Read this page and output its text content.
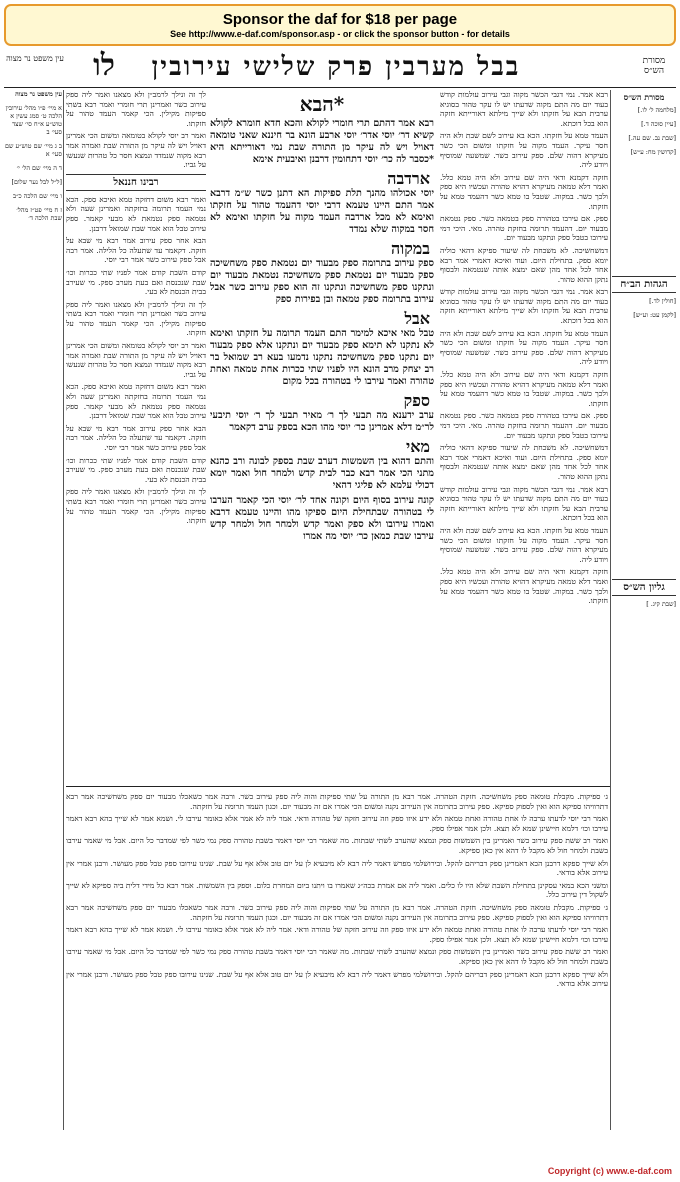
Sponsor the daf for $18 per page
See http://www.e-daf.com/sponsor.asp - or click the sponsor button - for details
מסורת הש״ס
בבל מערבין פרק שלישי עירובין
לו
עין משפט נר מצוה
מסורת הש״ס
[מלחמה ל׳ לו.]
[עיין סוכה ד.]
[שבת נב. שם עה.]
[קדושין מח: ע״ש]
הגהות הב״ח
[חולין לד.]
[לקמן עט: וע״ש]
גליון הש״ס
[שבת קיג. ]

רבא אמר. נמי דגבי הכשר מקוה וגבי עירוב עולמות קודש בעוד יום מה התם מקוה שדעתו יש לו עקר טהור בסוגיא ערבית הבא על חזקתו ולא שייך מילתא דאורייתא חזקה הוא בכל דוכתא.

העמד טמא על חזקתו. הכא בא עירוב לשם שבת ולא היה חסר עיקר. העמד מקוה על חזקתו ומשום הכי כשר מעיקרא דהוה שלם. ספק עירוב כשר. שמשעה שמוסיף ויודע ליה.

חזקה דקמנא ודאי היה שם עירוב ולא היה טמא כלל. ואמר דלא טמאה מעיקרא דהויא טהורה ועכשיו היא ספק ולכך כשר. במקוה. שטבל בו טמא כשר דהעמד טמא על חזקתו.

ספק. אם עירבו בטהורה ספק בטמאה כשר. ספק נטמאת מבעוד יום. דהעמד תרומה בחזקת טהרה. מאי. היכי דמי עירובו בטבל ספק ונתקנו מבעוד יום.

דמשחשיכה. לא משכחת לה שיעור ספיקא דהאי כוליה יומא ספק. בתחילת היום. ועוד ואיכא דאמרי אמר רבא אחד לכל אחד מהן שאם ימצא אותה שנטמאה ולבסוף נתקן ההוא טהור.

רבא אמר. נמי דגבי הכשר מקוה וגבי עירוב עולמות קודש בעוד יום מה התם מקוה שדעתו יש לו עקר טהור בסוגיא ערבית הבא על חזקתו ולא שייך מילתא דאורייתא חזקה הוא בכל דוכתא.

העמד טמא על חזקתו. הכא בא עירוב לשם שבת ולא היה חסר עיקר. העמד מקוה על חזקתו ומשום הכי כשר מעיקרא דהוה שלם. ספק עירוב כשר. שמשעה שמוסיף ויודע ליה.

חזקה דקמנא ודאי היה שם עירוב ולא היה טמא כלל. ואמר דלא טמאה מעיקרא דהויא טהורה ועכשיו היא ספק ולכך כשר. במקוה. שטבל בו טמא כשר דהעמד טמא על חזקתו.

ספק. אם עירבו בטהורה ספק בטמאה כשר. ספק נטמאת מבעוד יום. דהעמד תרומה בחזקת טהרה. מאי. היכי דמי עירובו בטבל ספק ונתקנו מבעוד יום.

דמשחשיכה. לא משכחת לה שיעור ספיקא דהאי כוליה יומא ספק. בתחילת היום. ועוד ואיכא דאמרי אמר רבא אחד לכל אחד מהן שאם ימצא אותה שנטמאה ולבסוף נתקן ההוא טהור.

רבא אמר. נמי דגבי הכשר מקוה וגבי עירוב עולמות קודש בעוד יום מה התם מקוה שדעתו יש לו עקר טהור בסוגיא ערבית הבא על חזקתו ולא שייך מילתא דאורייתא חזקה הוא בכל דוכתא.

העמד טמא על חזקתו. הכא בא עירוב לשם שבת ולא היה חסר עיקר. העמד מקוה על חזקתו ומשום הכי כשר מעיקרא דהוה שלם. ספק עירוב כשר. שמשעה שמוסיף ויודע ליה.

חזקה דקמנא ודאי היה שם עירוב ולא היה טמא כלל. ואמר דלא טמאה מעיקרא דהויא טהורה ועכשיו היא ספק ולכך כשר. במקוה. שטבל בו טמא כשר דהעמד טמא על חזקתו.

*הבא

רבא אמר דהתם תרי חומרי לקולא והכא חדא חומרא לקולא קשיא דר׳ יוסי אדר׳ יוסי ארבע הונא בר חיננא שאני טומאה דאויל ויש לה עיקר מן התורה שבת נמי דאורייתא היא *כסבר לה כר׳ יוסי דתחומין דרבנן ואיבעית אימא

ארדבה

יוסי אכולהו מהנך תלת ספיקות הא דתנן כשר ש״מ דרבא אמר התם היינו טעמא דרבי יוסי דהעמד טהור על חזקתו ואימא לא מכל ארדבה העמד מקוה על חזקתו ואימא לא חסר במקוה שלא נמדד

במקוה

ספק עירוב בתרומה ספק מבעוד יום נטמאת ספק משחשיכה ספק מבעוד יום נטמאת ספק משחשיכה נטמאת מבעוד יום ונתקנו ספק משחשיכה ונתקנו זה הוא ספק עירוב כשר אבל עירוב בתרומה ספק טמאה ובן בפירות ספק

אבל

טבל מאי איכא למימר התם העמד תרומה על חזקתו ואימא לא נתקנו לא תימא ספק מבעוד יום ונתקנו אלא ספק מבעוד יום נתקנו ספק משחשיכה נתקנו נדמעו בעא רב שמואל בר רב יצחק מרב הונא היו לפניו שתי ככרות אחת טמאה ואחת טהורה ואמר עירבו לי בטהורה בכל מקום

ספק

ערב ידענא מה תבעי לך ר׳ מאיר תבעי לך ר׳ יוסי תיבעי לר״מ דלא אמרינן כר׳ יוסי מהו הכא בספק ערב דקאמר

מאי

והתם דהוא בין השמשות דערב שבת בספק לבונה ורב כהנא מתני הכי אמר רבא כבר לבית קדש ולמחר חול ואמר יומא דכולי עלמא לא פליגי דהאי

קונה עירוב בסוף היום וקונה אחד לר׳ יוסי הכי קאמר הערבו לי בטהורה שבתחילת היום ספיקו מהו והיינו טעמא דרבא ואמרו עירובו ולא ספק ואמר קדש ולמחר חול ולמחר קדש עירבו שבת כמאן כר׳ יוסי מה אמרו

לך זה ונילך לרמב״ן ולא מצאנו ואמר ליה ספק עירוב כשר ואמרינן תרי חומרי ואמר רבא בשתי ספיקות מקילין. הכי קאמר העמד טהור על חזקתו.

ואמר רב יוסי לקולא בטומאה ומשום הכי אמרינן דאויל ויש לה עיקר מן התורה שבת ואמרה אמר רבא מקוה שנמדד ונמצא חסר כל טהרות שנעשו על גביו.

רבינו חננאל

ואמר רבא משום דחזקה טמא ואיכא ספק. הכא נמי העמד תרומה בחזקתה ואמרינן שעה ולא נטמאה ספק נטמאת לא מבעי קאמר. ספק עירוב טבל הוא אמר שבת שמואל דרבנן.

הבא אחר ספק עירוב אמר רבא מי שבא על חזקה. דקאמר עד שתעלה כל הלילה. אמר רבה אבל ספק עירוב כשר אמר רבי יוסי.

קודם השבת קודם אמר לפניו שתי ככרות וכו׳ שבת שנכנסת ואם בעת מערב ספק. מי שעירב בבית הכנסת לא בעי.

לך זה ונילך לרמב״ן ולא מצאנו ואמר ליה ספק עירוב כשר ואמרינן תרי חומרי ואמר רבא בשתי ספיקות מקילין. הכי קאמר העמד טהור על חזקתו.

ואמר רב יוסי לקולא בטומאה ומשום הכי אמרינן דאויל ויש לה עיקר מן התורה שבת ואמרה אמר רבא מקוה שנמדד ונמצא חסר כל טהרות שנעשו על גביו.

ואמר רבא משום דחזקה טמא ואיכא ספק. הכא נמי העמד תרומה בחזקתה ואמרינן שעה ולא נטמאה ספק נטמאת לא מבעי קאמר. ספק עירוב טבל הוא אמר שבת שמואל דרבנן.

הבא אחר ספק עירוב אמר רבא מי שבא על חזקה. דקאמר עד שתעלה כל הלילה. אמר רבה אבל ספק עירוב כשר אמר רבי יוסי.

קודם השבת קודם אמר לפניו שתי ככרות וכו׳ שבת שנכנסת ואם בעת מערב ספק. מי שעירב בבית הכנסת לא בעי.

לך זה ונילך לרמב״ן ולא מצאנו ואמר ליה ספק עירוב כשר ואמרינן תרי חומרי ואמר רבא בשתי ספיקות מקילין. הכי קאמר העמד טהור על חזקתו.

עין משפט נר מצוה
א מיי׳ פ״ו מהל׳ עירובין הלכה ט׳ סמג עשין א טוש״ע א״ח סי׳ שצד סעי׳ ב
ב ג מיי׳ שם טוש״ע שם סעי׳ א
ד ה מיי׳ שם הל׳ י׳
[ל״ל לבל נער שלום]
ו מיי׳ שם הלכה כ״ב
ז ח מיי׳ פט״ז מהל׳ שבת הלכה ד׳

ג׳ ספיקות. מקבלת טומאה ספק משחשיכה. חזקת הטהרה. אמר רבא מן התורה על שתי ספיקות והוה ליה ספק עירוב כשר. ורבה אמר כשאכלו מבעוד יום ספק משחשיכה אמר רבא דתרוויהו ספיקא הוא ואין לספוק ספיקא. ספק עירוב בתרומה אין העירוב נקנה ומשום הכי אמרו אם זה מבעוד יום. וכגון העמד תרומה על חזקתה.

ואמר רבי יוסי לדעתו ערבה לו אחת טהורה ואחת טמאה ולא ידע איזו ספק וזה עירוב חזקה של טהורה ודאי. אמר ליה לא אמר אלא כאומר עירבו לי. ושמא אמר לא שייך בהא רבא דאמר עירבו וכו׳ דלמא חיישינן שמא לא תצא. ולכן אמר אפילו ספק.

ואמר רב ששת ספק עירוב כשר ואמרינן בין השמשות ספק ונמצא שהערב לשתי שבתות. מה שאמר רבי יוסי דאמר בשבת טהורה ספק נמי כשר לפי שמדבר כל היום. אבל מי שאמר עירבו בשבת ולמחר חול לא מקבל לו דהא אין כאן ספיקא.

ולא שייך ספקא דרבנן הכא דאמרינן ספק דבריהם להקל. ובירושלמי מפרש דאמר ליה רבא לא מיבעיא לן על יום טוב אלא אף על שבת. שנינו עירובו ספק טבל ספק מעושר. ורבנן אמרי אין עירוב אלא בודאי.

ומשני הכא במאי עסקינן בתחילת השבת שלא היו לו כלים. ואמר ליה אם אמרת בכה״ג שאמרו בו ויתנו ביום המחרת כלום. וספק בין השמשות. אמר רבא כל מידי דלית ביה ספיקא לא שייך לשקול דין עירוב כלל.

ג׳ ספיקות. מקבלת טומאה ספק משחשיכה. חזקת הטהרה. אמר רבא מן התורה על שתי ספיקות והוה ליה ספק עירוב כשר. ורבה אמר כשאכלו מבעוד יום ספק משחשיכה אמר רבא דתרוויהו ספיקא הוא ואין לספוק ספיקא. ספק עירוב בתרומה אין העירוב נקנה ומשום הכי אמרו אם זה מבעוד יום. וכגון העמד תרומה על חזקתה.

ואמר רבי יוסי לדעתו ערבה לו אחת טהורה ואחת טמאה ולא ידע איזו ספק וזה עירוב חזקה של טהורה ודאי. אמר ליה לא אמר אלא כאומר עירבו לי. ושמא אמר לא שייך בהא רבא דאמר עירבו וכו׳ דלמא חיישינן שמא לא תצא. ולכן אמר אפילו ספק.

ואמר רב ששת ספק עירוב כשר ואמרינן בין השמשות ספק ונמצא שהערב לשתי שבתות. מה שאמר רבי יוסי דאמר בשבת טהורה ספק נמי כשר לפי שמדבר כל היום. אבל מי שאמר עירבו בשבת ולמחר חול לא מקבל לו דהא אין כאן ספיקא.

ולא שייך ספקא דרבנן הכא דאמרינן ספק דבריהם להקל. ובירושלמי מפרש דאמר ליה רבא לא מיבעיא לן על יום טוב אלא אף על שבת. שנינו עירובו ספק טבל ספק מעושר. ורבנן אמרי אין עירוב אלא בודאי.

Copyright (c) www.e-daf.com
